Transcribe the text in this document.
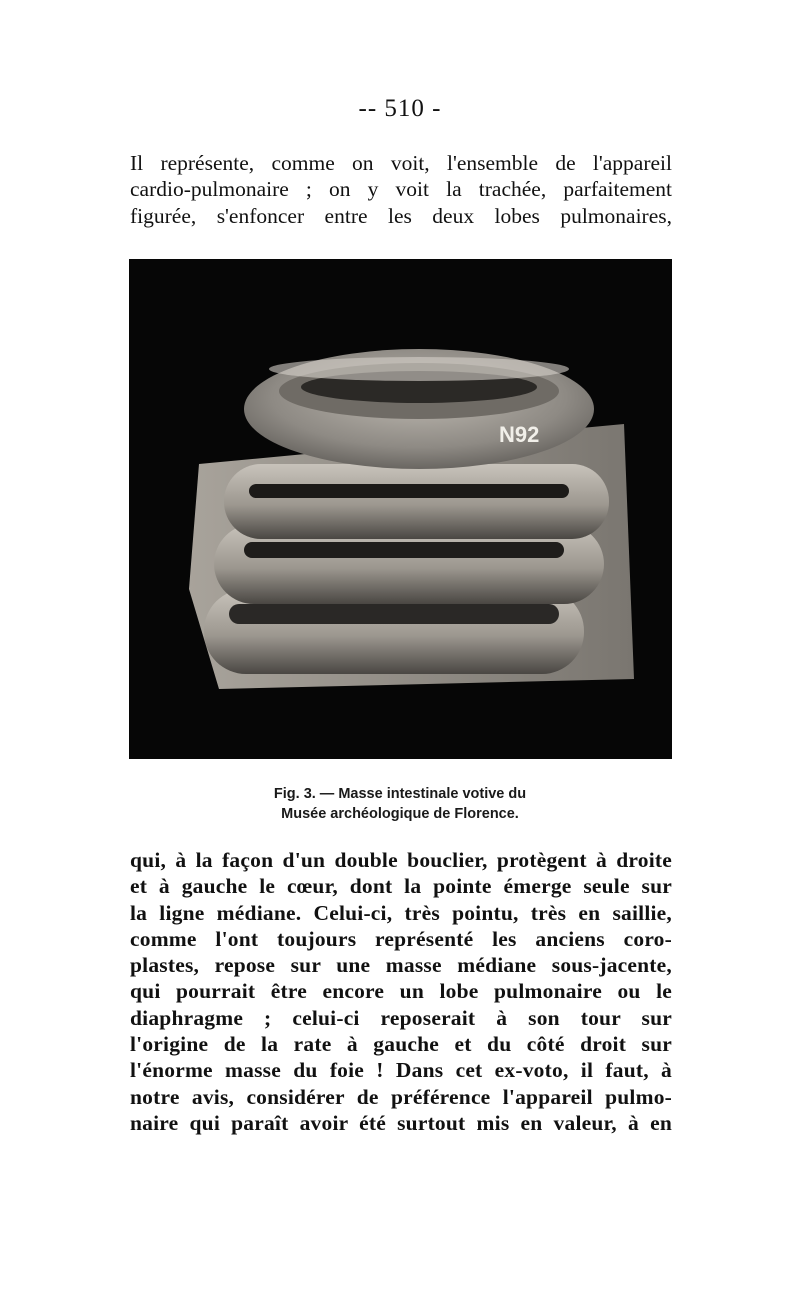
-- 510 -

Il représente, comme on voit, l'ensemble de l'appareil
cardio-pulmonaire ; on y voit la trachée, parfaitement
figurée, s'enfoncer entre les deux lobes pulmonaires,

N92
Fig. 3. — Masse intestinale votive du
Musée archéologique de Florence.

qui, à la façon d'un double bouclier, protègent à droite
et à gauche le cœur, dont la pointe émerge seule sur
la ligne médiane. Celui-ci, très pointu, très en saillie,
comme l'ont toujours représenté les anciens coro-
plastes, repose sur une masse médiane sous-jacente,
qui pourrait être encore un lobe pulmonaire ou le
diaphragme ; celui-ci reposerait à son tour sur
l'origine de la rate à gauche et du côté droit sur
l'énorme masse du foie ! Dans cet ex-voto, il faut, à
notre avis, considérer de préférence l'appareil pulmo-
naire qui paraît avoir été surtout mis en valeur, à en
